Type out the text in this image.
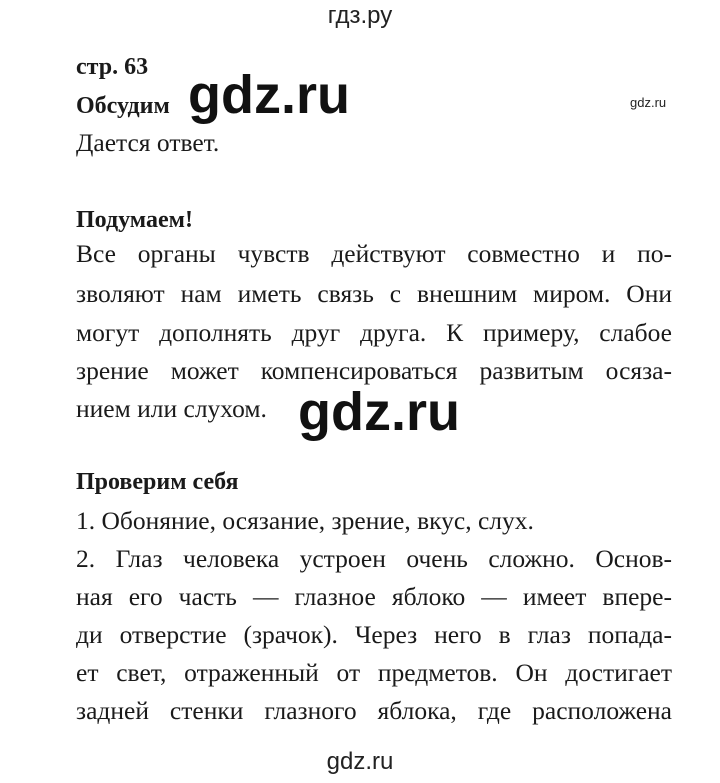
гдз.ру
стр. 63
Обсудим gdz.ru	gdz.ru
Дается ответ.
Подумаем!
Все органы чувств действуют совместно и по-
зволяют нам иметь связь с внешним миром. Они
могут дополнять друг друга. К примеру, слабое
зрение может компенсироваться развитым осяза-
нием или слухом. gdz.ru
Проверим себя
1. Обоняние, осязание, зрение, вкус, слух.
2. Глаз человека устроен очень сложно. Основ-
ная его часть — глазное яблоко — имеет впере-
ди отверстие (зрачок). Через него в глаз попада-
ет свет, отраженный от предметов. Он достигает
задней стенки глазного яблока, где расположена
gdz.ru
